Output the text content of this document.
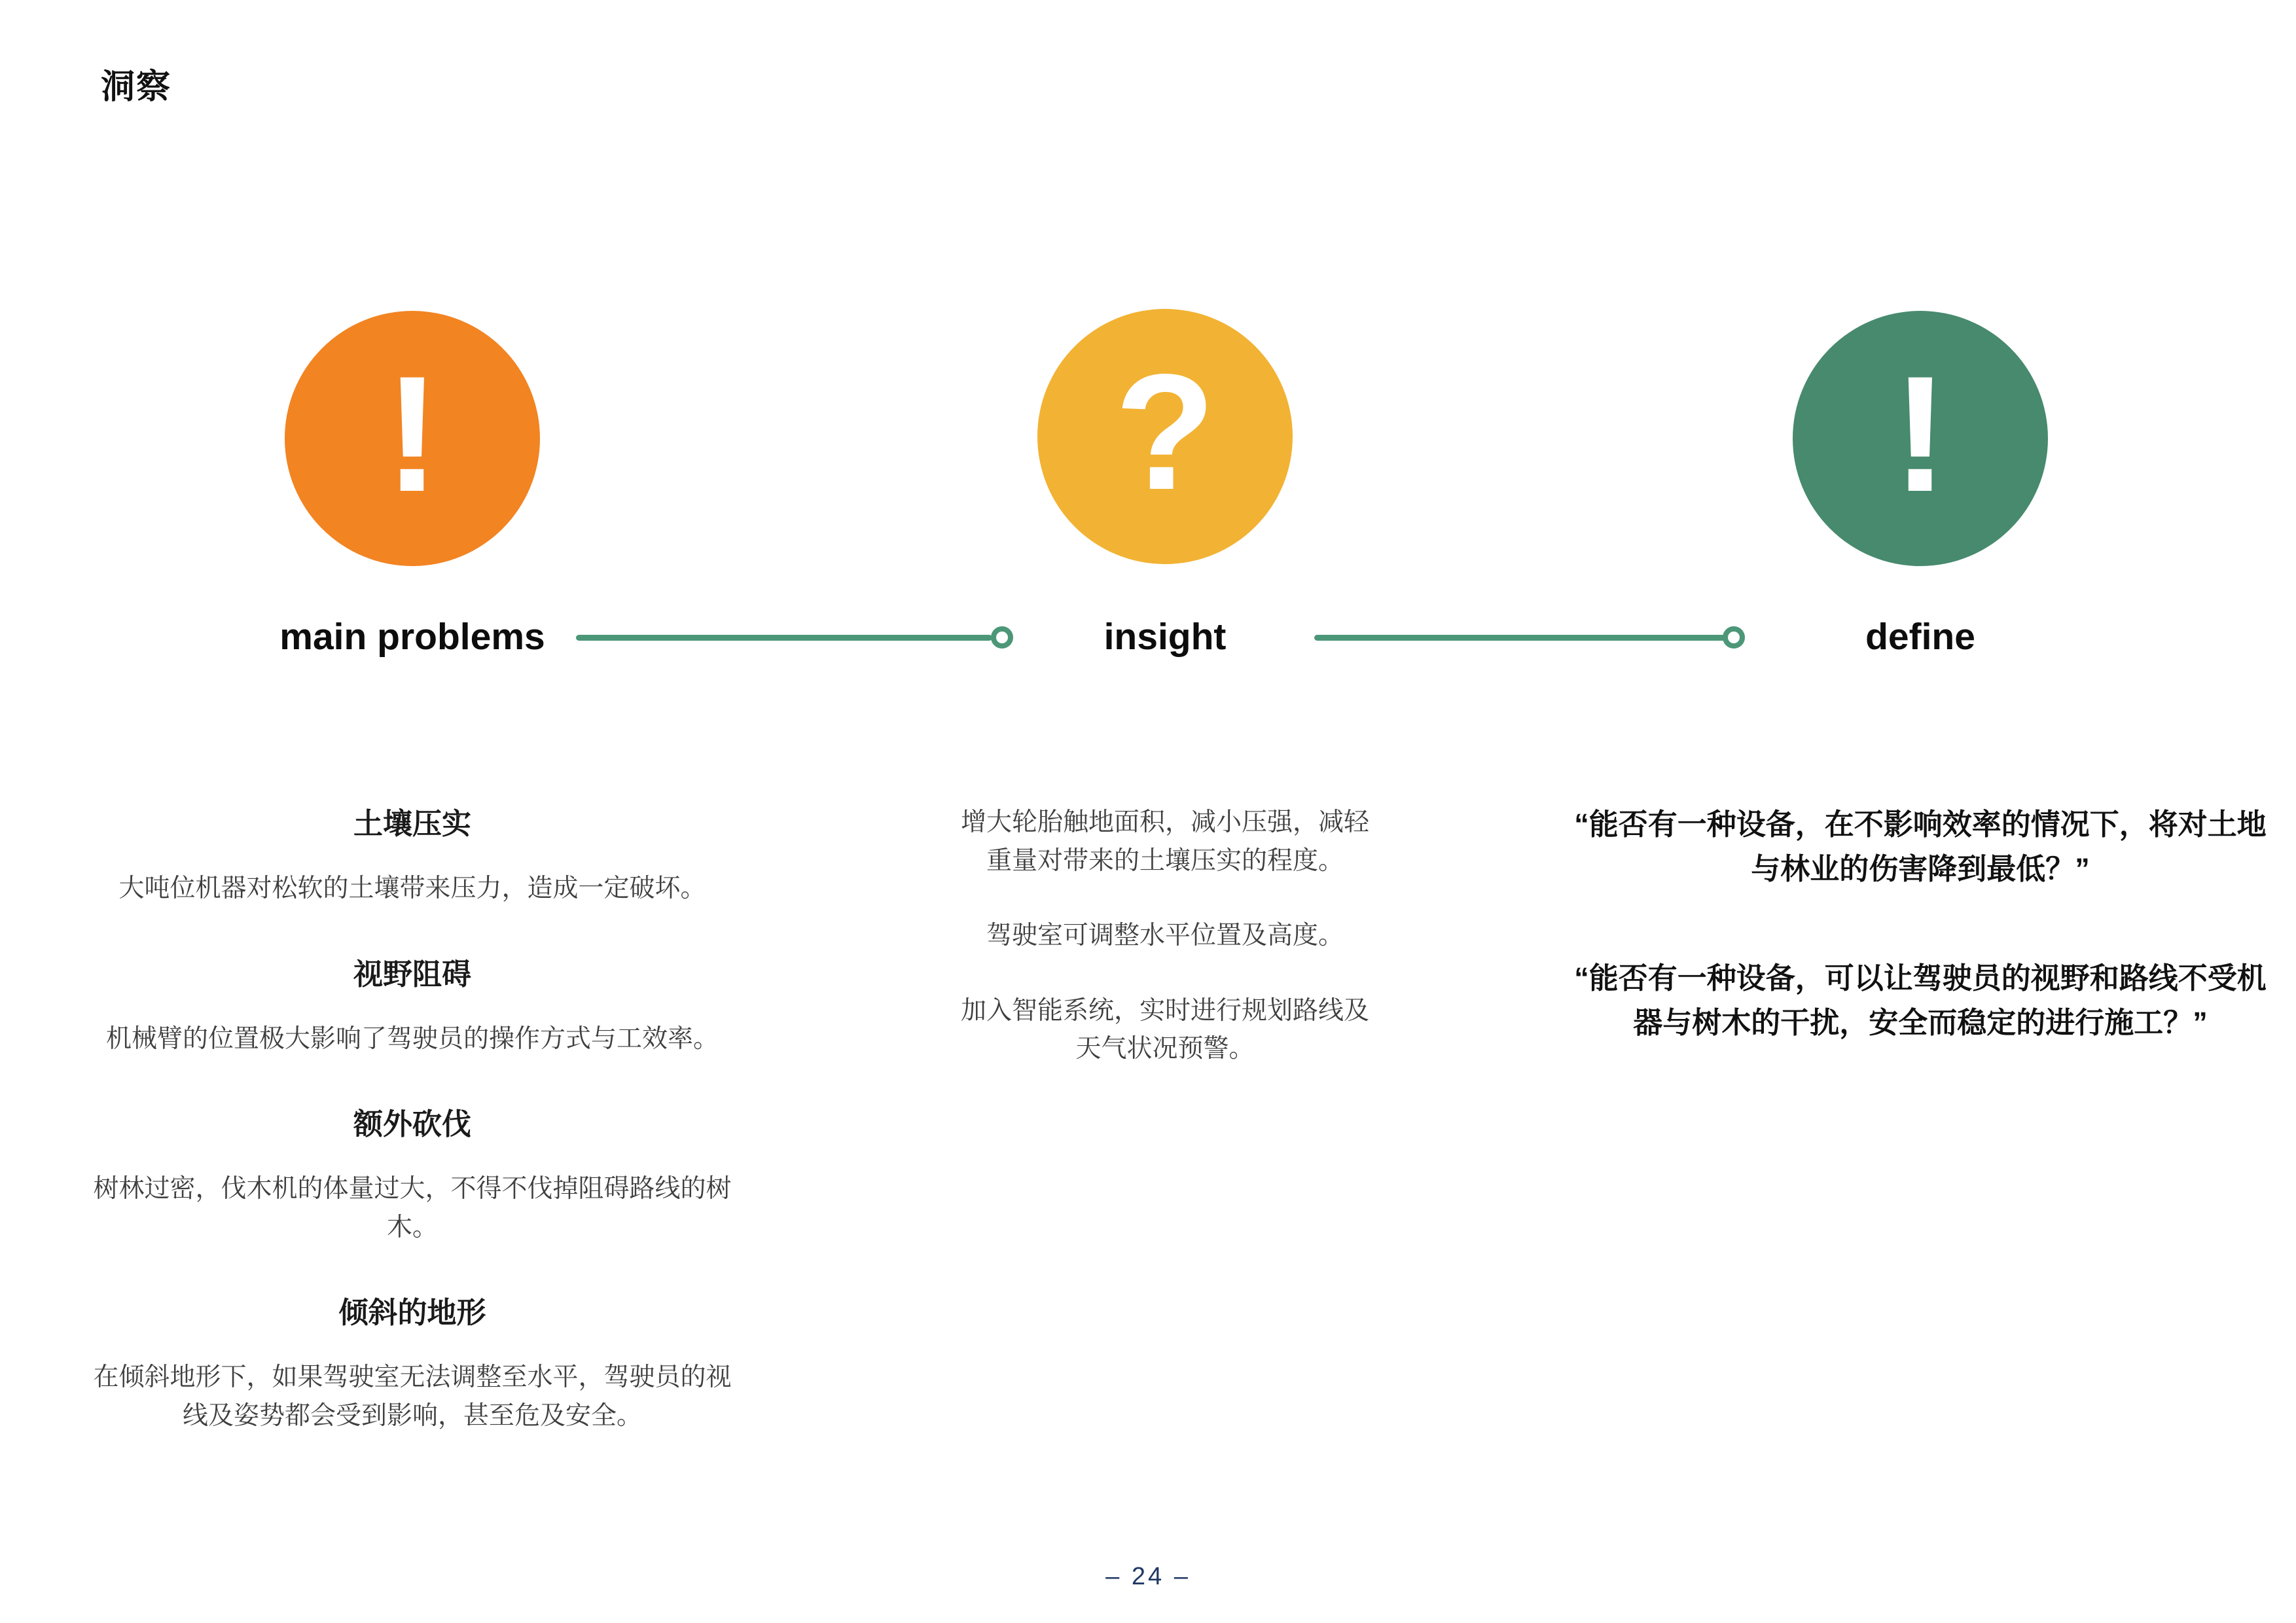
洞察
!	?	!
main problems	insight	define
土壤压实

大吨位机器对松软的土壤带来压力，造成一定破坏。

视野阻碍

机械臂的位置极大影响了驾驶员的操作方式与工效率。

额外砍伐

树林过密，伐木机的体量过大，不得不伐掉阻碍路线的树木。

倾斜的地形

在倾斜地形下，如果驾驶室无法调整至水平，驾驶员的视线及姿势都会受到影响，甚至危及安全。

增大轮胎触地面积，减小压强，减轻重量对带来的土壤压实的程度。

驾驶室可调整水平位置及高度。

加入智能系统，实时进行规划路线及天气状况预警。

“能否有一种设备，在不影响效率的情况下，将对土地与林业的伤害降到最低？”

“能否有一种设备，可以让驾驶员的视野和路线不受机器与树木的干扰，安全而稳定的进行施工？”

– 24 –
